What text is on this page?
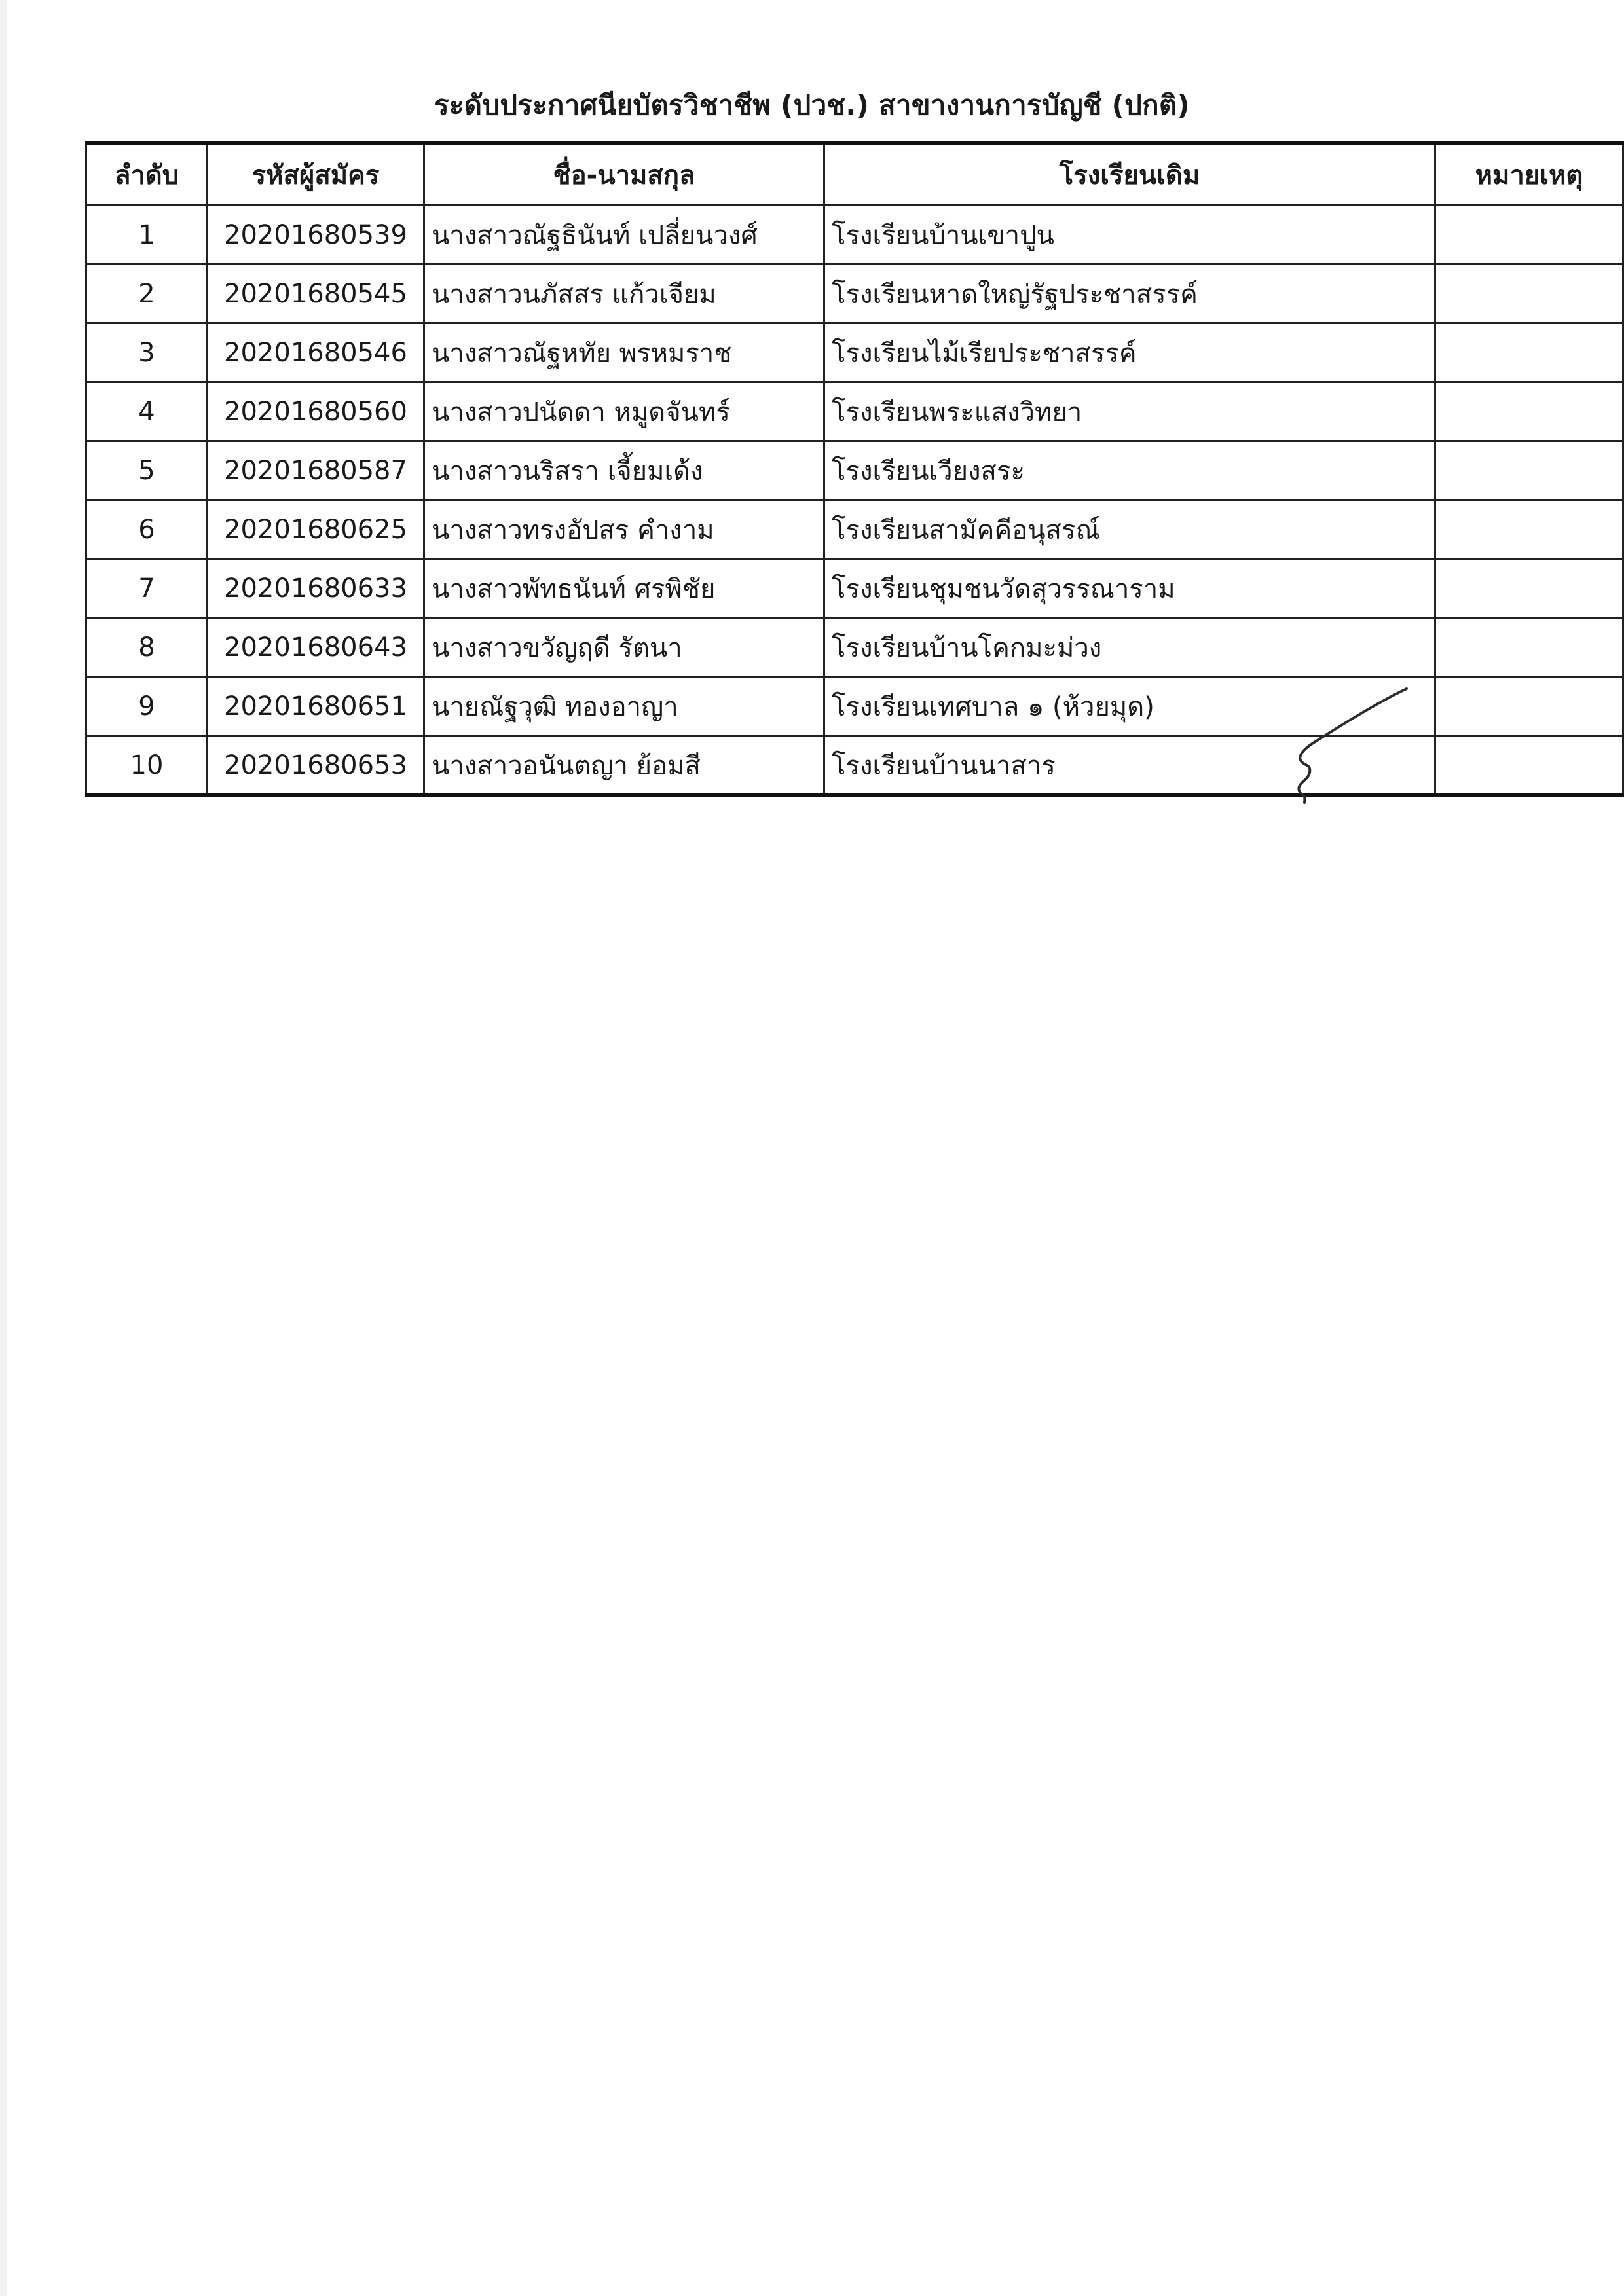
ระดับประกาศนียบัตรวิชาชีพ (ปวช.) สาขางานการบัญชี (ปกติ)
ลำดับ	รหัสผู้สมัคร	ชื่อ-นามสกุล	โรงเรียนเดิม	หมายเหตุ
1	20201680539	นางสาวณัฐธินันท์ เปลี่ยนวงศ์	โรงเรียนบ้านเขาปูน	
2	20201680545	นางสาวนภัสสร แก้วเจียม	โรงเรียนหาดใหญ่รัฐประชาสรรค์	
3	20201680546	นางสาวณัฐหทัย พรหมราช	โรงเรียนไม้เรียประชาสรรค์	
4	20201680560	นางสาวปนัดดา หมูดจันทร์	โรงเรียนพระแสงวิทยา	
5	20201680587	นางสาวนริสรา เจี้ยมเด้ง	โรงเรียนเวียงสระ	
6	20201680625	นางสาวทรงอัปสร คำงาม	โรงเรียนสามัคคีอนุสรณ์	
7	20201680633	นางสาวพัทธนันท์ ศรพิชัย	โรงเรียนชุมชนวัดสุวรรณาราม	
8	20201680643	นางสาวขวัญฤดี รัตนา	โรงเรียนบ้านโคกมะม่วง	
9	20201680651	นายณัฐวุฒิ ทองอาญา	โรงเรียนเทศบาล ๑ (ห้วยมุด)	
10	20201680653	นางสาวอนันตญา ย้อมสี	โรงเรียนบ้านนาสาร	
